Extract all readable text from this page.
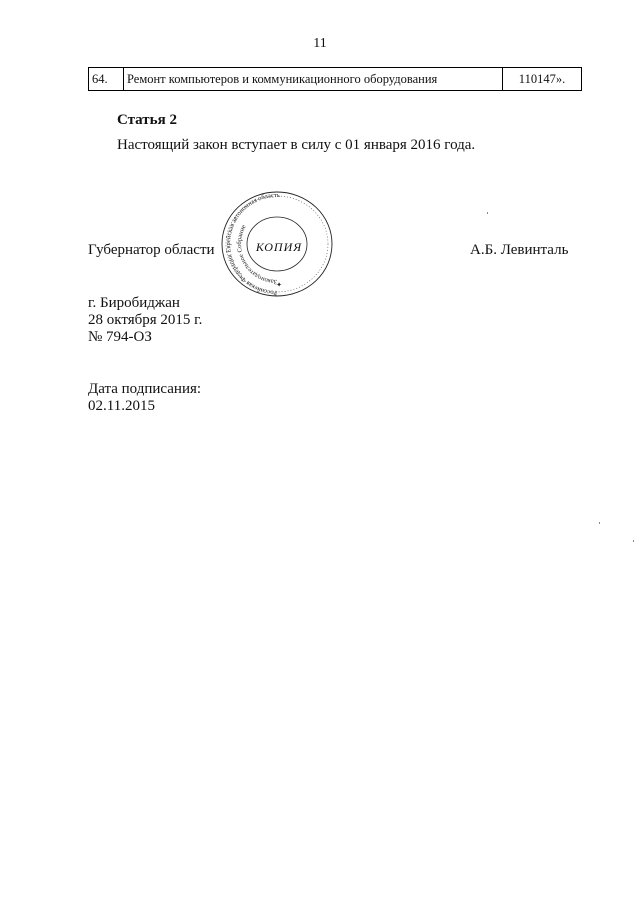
11
64.	Ремонт компьютеров и коммуникационного оборудования	110147».
Статья 2
Настоящий закон вступает в силу с 01 января 2016 года.
Губернатор области	А.Б. Левинталь
Российская Федерация Еврейская автономная область
Законодательное Собрание
КОПИЯ
✦
г. Биробиджан
28 октября 2015 г.
№ 794-ОЗ
Дата подписания:
02.11.2015
